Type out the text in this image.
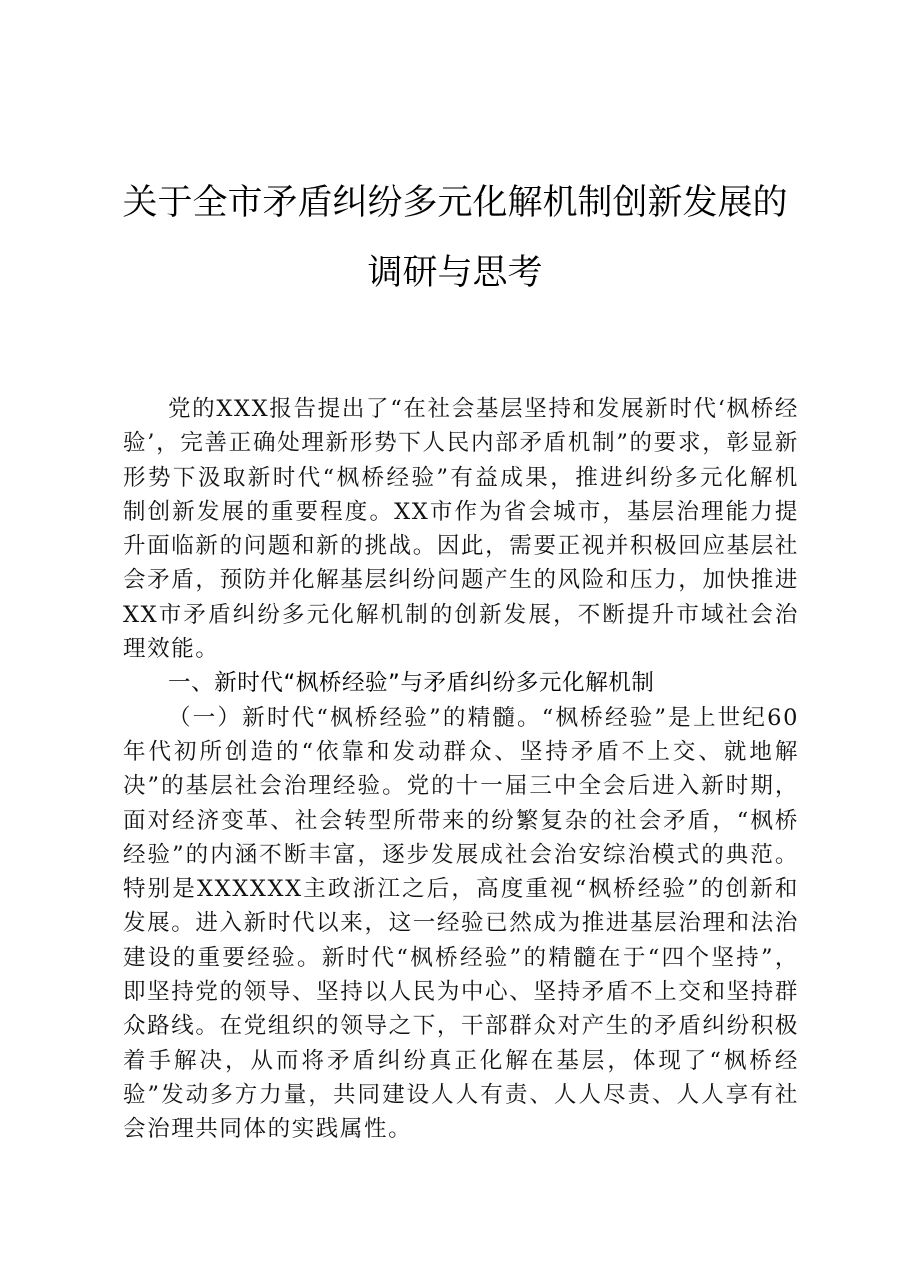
关于全市矛盾纠纷多元化解机制创新发展的调研与思考

党的XXX报告提出了“在社会基层坚持和发展新时代‘枫桥经验’，完善正确处理新形势下人民内部矛盾机制”的要求，彰显新形势下汲取新时代“枫桥经验”有益成果，推进纠纷多元化解机制创新发展的重要程度。XX市作为省会城市，基层治理能力提升面临新的问题和新的挑战。因此，需要正视并积极回应基层社会矛盾，预防并化解基层纠纷问题产生的风险和压力，加快推进XX市矛盾纠纷多元化解机制的创新发展，不断提升市域社会治理效能。

一、新时代“枫桥经验”与矛盾纠纷多元化解机制

（一）新时代“枫桥经验”的精髓。“枫桥经验”是上世纪60年代初所创造的“依靠和发动群众、坚持矛盾不上交、就地解决”的基层社会治理经验。党的十一届三中全会后进入新时期，面对经济变革、社会转型所带来的纷繁复杂的社会矛盾，“枫桥经验”的内涵不断丰富，逐步发展成社会治安综治模式的典范。特别是XXXXXX主政浙江之后，高度重视“枫桥经验”的创新和发展。进入新时代以来，这一经验已然成为推进基层治理和法治建设的重要经验。新时代“枫桥经验”的精髓在于“四个坚持”，即坚持党的领导、坚持以人民为中心、坚持矛盾不上交和坚持群众路线。在党组织的领导之下，干部群众对产生的矛盾纠纷积极着手解决，从而将矛盾纠纷真正化解在基层，体现了“枫桥经验”发动多方力量，共同建设人人有责、人人尽责、人人享有社会治理共同体的实践属性。
